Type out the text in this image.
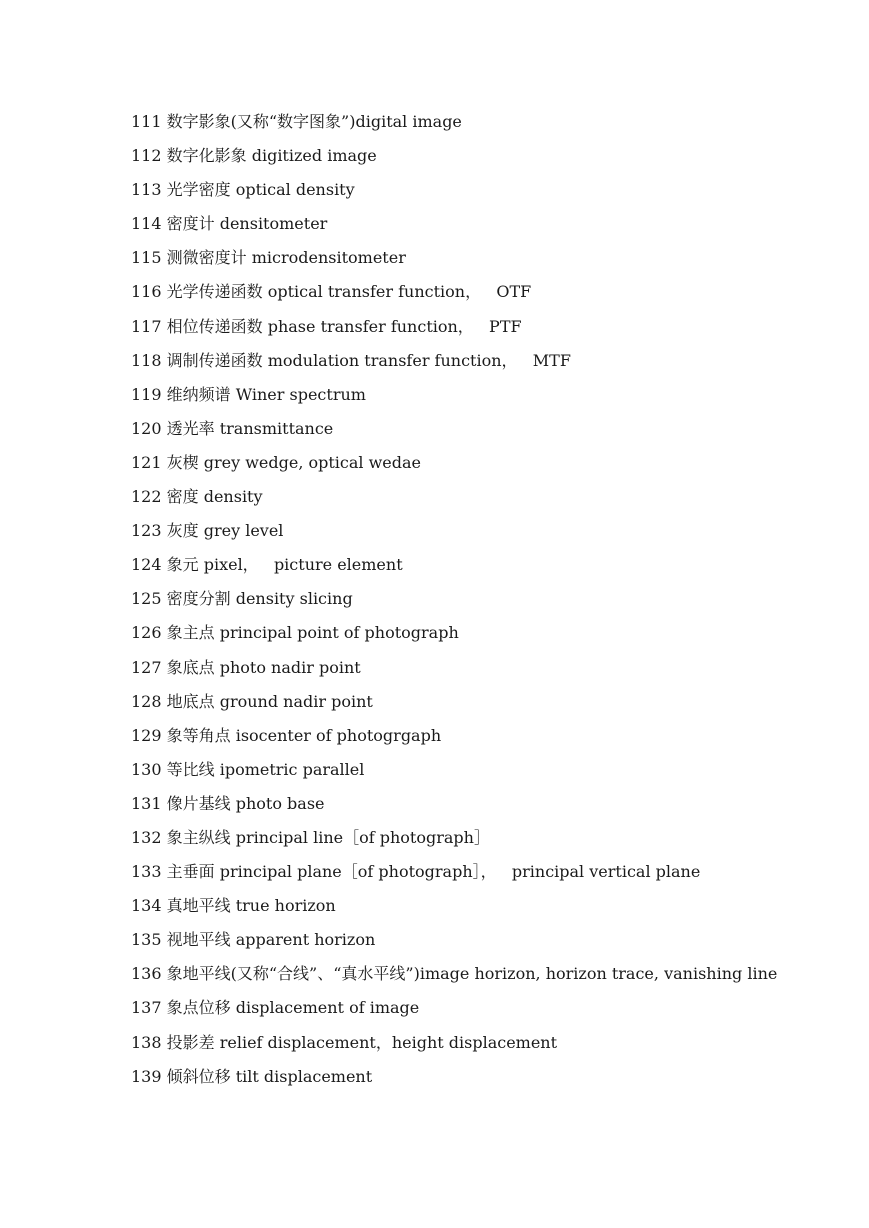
111 数字影象(又称“数字图象”)digital image
112 数字化影象 digitized image
113 光学密度 optical density
114 密度计 densitometer
115 测微密度计 microdensitometer
116 光学传递函数 optical transfer function，   OTF
117 相位传递函数 phase transfer function，   PTF
118 调制传递函数 modulation transfer function，   MTF
119 维纳频谱 Winer spectrum
120 透光率 transmittance
121 灰楔 grey wedge, optical wedae
122 密度 density
123 灰度 grey level
124 象元 pixel，   picture element
125 密度分割 density slicing
126 象主点 principal point of photograph
127 象底点 photo nadir point
128 地底点 ground nadir point
129 象等角点 isocenter of photogrgaph
130 等比线 ipometric parallel
131 像片基线 photo base
132 象主纵线 principal line［of photograph］
133 主垂面 principal plane［of photograph］，   principal vertical plane
134 真地平线 true horizon
135 视地平线 apparent horizon
136 象地平线(又称“合线”、“真水平线”)image horizon, horizon trace, vanishing line
137 象点位移 displacement of image
138 投影差 relief displacement，height displacement
139 倾斜位移 tilt displacement
